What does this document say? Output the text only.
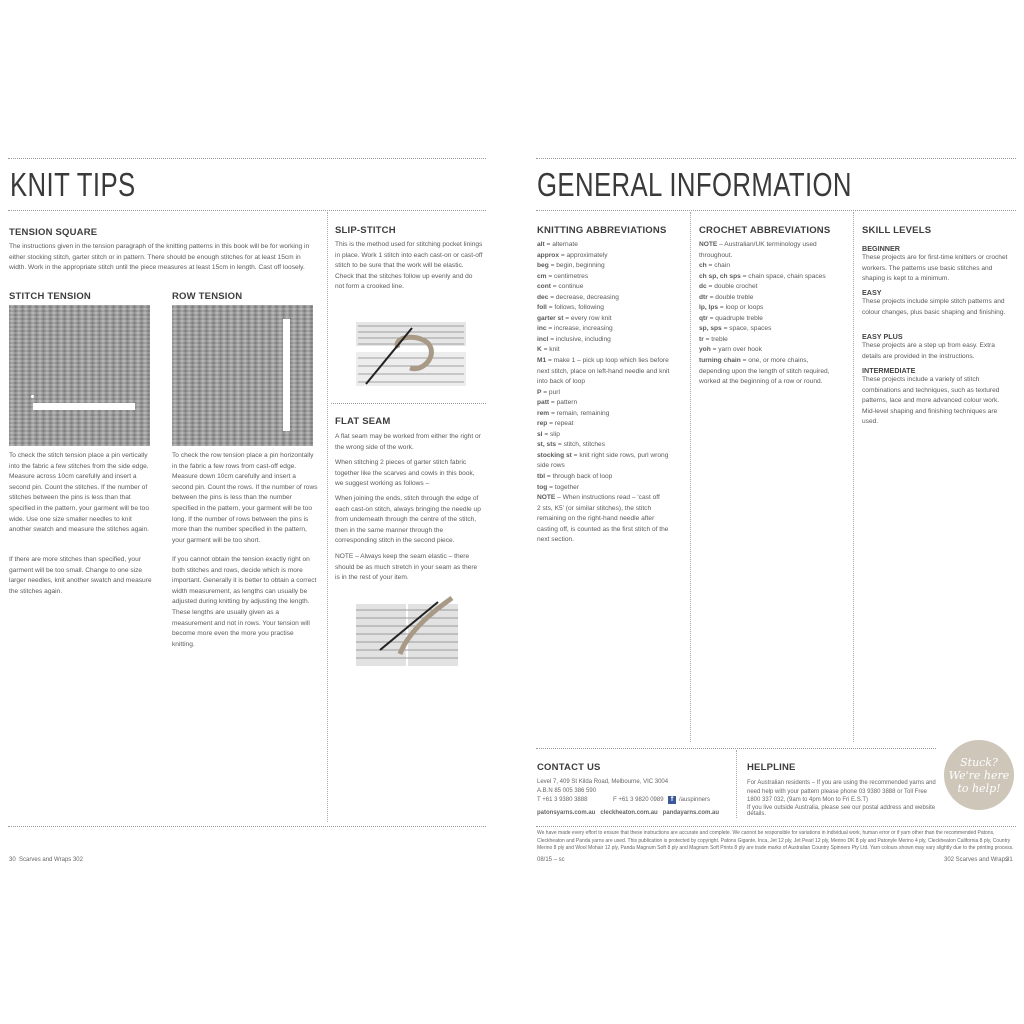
KNIT TIPS
TENSION SQUARE
The instructions given in the tension paragraph of the knitting patterns in this book will be for working in either stocking stitch, garter stitch or in pattern. There should be enough stitches for at least 15cm in width. Work in the appropriate stitch until the piece measures at least 15cm in length. Cast off loosely.
STITCH TENSION
To check the stitch tension place a pin vertically into the fabric a few stitches from the side edge. Measure across 10cm carefully and insert a second pin. Count the stitches. If the number of stitches between the pins is less than that specified in the pattern, your garment will be too wide. Use one size smaller needles to knit another swatch and measure the stitches again.
If there are more stitches than specified, your garment will be too small. Change to one size larger needles, knit another swatch and measure the stitches again.
ROW TENSION
To check the row tension place a pin horizontally in the fabric a few rows from cast-off edge. Measure down 10cm carefully and insert a second pin. Count the rows. If the number of rows between the pins is less than the number specified in the pattern, your garment will be too long. If the number of rows between the pins is more than the number specified in the pattern, your garment will be too short.
If you cannot obtain the tension exactly right on both stitches and rows, decide which is more important. Generally it is better to obtain a correct width measurement, as lengths can usually be adjusted during knitting by adjusting the length. These lengths are usually given as a measurement and not in rows. Your tension will become more even the more you practise knitting.
SLIP-STITCH
This is the method used for stitching pocket linings in place. Work 1 stitch into each cast-on or cast-off stitch to be sure that the work will be elastic. Check that the stitches follow up evenly and do not form a crooked line.
FLAT SEAM
A flat seam may be worked from either the right or the wrong side of the work.
When stitching 2 pieces of garter stitch fabric together like the scarves and cowls in this book, we suggest working as follows –
When joining the ends, stitch through the edge of each cast-on stitch, always bringing the needle up from underneath through the centre of the stitch, then in the same manner through the corresponding stitch in the second piece.
NOTE – Always keep the seam elastic – there should be as much stretch in your seam as there is in the rest of your item.
30 Scarves and Wraps 302
GENERAL INFORMATION
KNITTING ABBREVIATIONS
alt = alternate
approx = approximately
beg = begin, beginning
cm = centimetres
cont = continue
dec = decrease, decreasing
foll = follows, following
garter st = every row knit
inc = increase, increasing
incl = inclusive, including
K = knit
M1 = make 1 – pick up loop which lies before
next stitch, place on left-hand needle and knit
into back of loop
P = purl
patt = pattern
rem = remain, remaining
rep = repeat
sl = slip
st, sts = stitch, stitches
stocking st = knit right side rows, purl wrong
side rows
tbl = through back of loop
tog = together
NOTE – When instructions read – 'cast off
2 sts, K5' (or similar stitches), the stitch
remaining on the right-hand needle after
casting off, is counted as the first stitch of the
next section.
CROCHET ABBREVIATIONS
NOTE – Australian/UK terminology used
throughout.
ch = chain
ch sp, ch sps = chain space, chain spaces
dc = double crochet
dtr = double treble
lp, lps = loop or loops
qtr = quadruple treble
sp, sps = space, spaces
tr = treble
yoh = yarn over hook
turning chain = one, or more chains,
depending upon the length of stitch required,
worked at the beginning of a row or round.
SKILL LEVELS
BEGINNER
These projects are for first-time knitters or crochet workers. The patterns use basic stitches and shaping is kept to a minimum.
EASY
These projects include simple stitch patterns and colour changes, plus basic shaping and finishing.
EASY PLUS
These projects are a step up from easy. Extra details are provided in the instructions.
INTERMEDIATE
These projects include a variety of stitch combinations and techniques, such as textured patterns, lace and more advanced colour work. Mid-level shaping and finishing techniques are used.
CONTACT US
Level 7, 409 St Kilda Road, Melbourne, VIC 3004
A.B.N 85 005 386 590
T +61 3 9380 3888	F +61 3 9820 0989	f /auspinners
patonsyarns.com.au   cleckheaton.com.au   pandayarns.com.au
HELPLINE
For Australian residents – If you are using the recommended yarns and need help with your pattern please phone 03 9380 3888 or Toll Free 1800 337 032, (9am to 4pm Mon to Fri E.S.T)
If you live outside Australia, please see our postal address and website details.
Stuck? We're here to help!
We have made every effort to ensure that these instructions are accurate and complete. We cannot be responsible for variations in individual work, human error or if yarn other than the recommended Patons, Cleckheaton and Panda yarns are used. This publication is protected by copyright. Patons Gigante, Inca, Jet 12 ply, Jet Pearl 12 ply, Merino DK 8 ply and Patonyle Merino 4 ply, Cleckheaton California 8 ply, Country Merino 8 ply and Wool Mohair 12 ply, Panda Magnum Soft 8 ply and Magnum Soft Prints 8 ply are trade marks of Australian Country Spinners Pty Ltd. Yarn colours shown may vary slightly due to the printing process.
08/15 – sc	302 Scarves and Wraps
31
